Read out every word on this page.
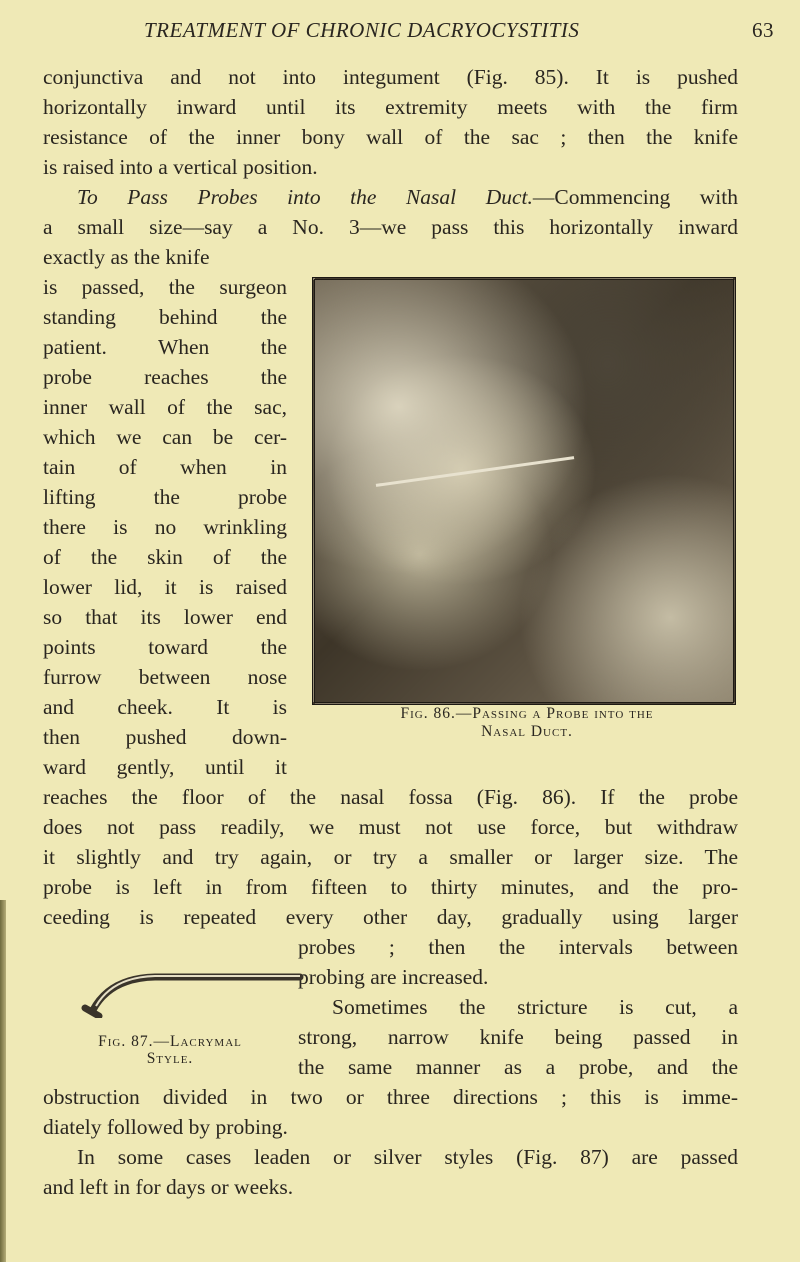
TREATMENT OF CHRONIC DACRYOCYSTITIS	63
conjunctiva and not into integument (Fig. 85). It is pushed
horizontally inward until its extremity meets with the firm
resistance of the inner bony wall of the sac ; then the knife
is raised into a vertical position.
To Pass Probes into the Nasal Duct.—Commencing with
a small size—say a No. 3—we pass this horizontally inward
exactly as the knife
is passed, the surgeon
standing behind the
patient. When the
probe reaches the
inner wall of the sac,
which we can be cer-
tain of when in
lifting the probe
there is no wrinkling
of the skin of the
lower lid, it is raised
so that its lower end
points toward the
furrow between nose
and cheek. It is
then pushed down-
ward gently, until it
Fig. 86.—Passing a Probe into the
Nasal Duct.
reaches the floor of the nasal fossa (Fig. 86). If the probe
does not pass readily, we must not use force, but withdraw
it slightly and try again, or try a smaller or larger size. The
probe is left in from fifteen to thirty minutes, and the pro-
ceeding is repeated every other day, gradually using larger
probes ; then the intervals between
probing are increased.
Sometimes the stricture is cut, a
strong, narrow knife being passed in
the same manner as a probe, and the
Fig. 87.—Lacrymal
Style.
obstruction divided in two or three directions ; this is imme-
diately followed by probing.
In some cases leaden or silver styles (Fig. 87) are passed
and left in for days or weeks.
